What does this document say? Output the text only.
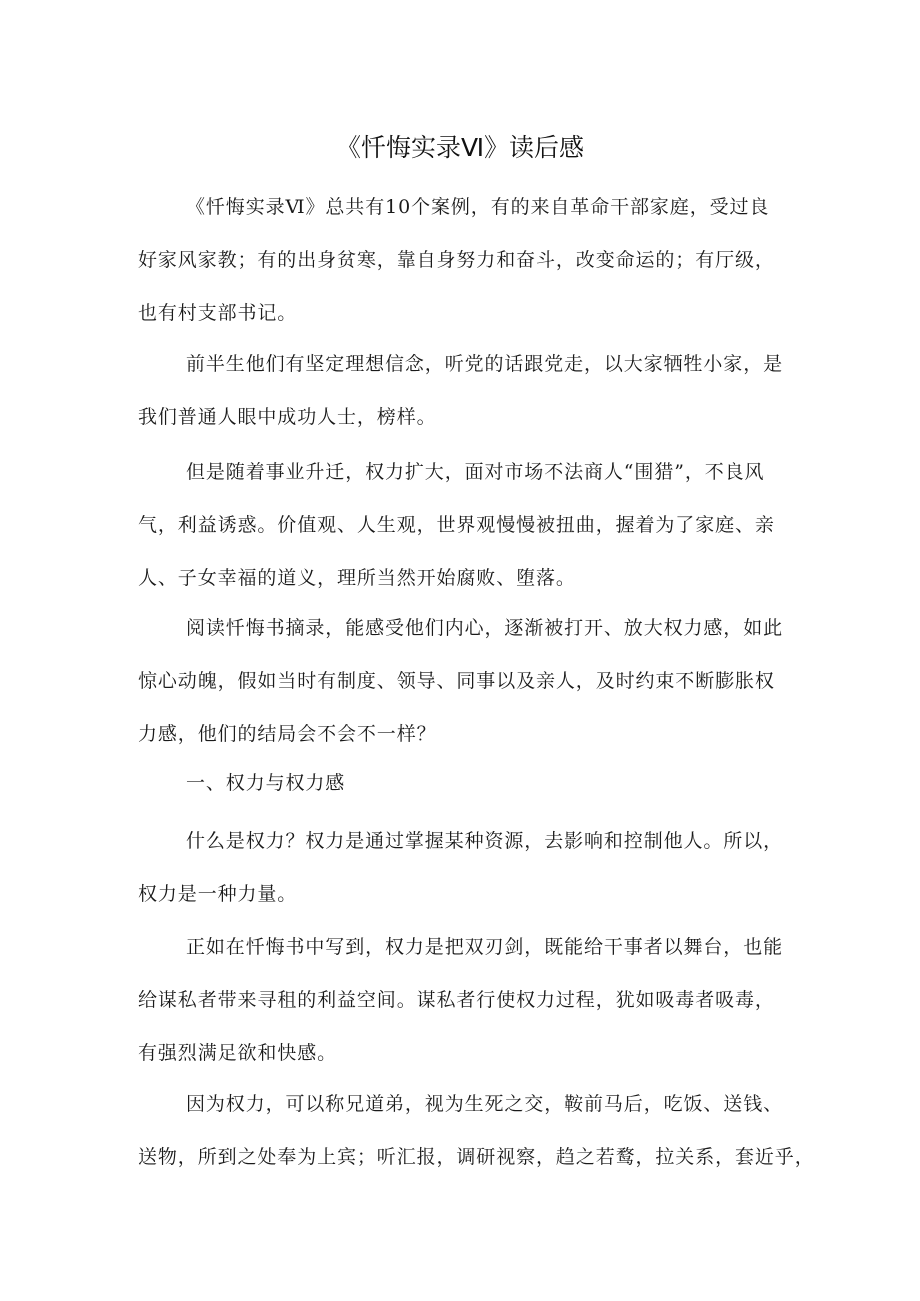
《忏悔实录Ⅵ》读后感

《忏悔实录Ⅵ》总共有10个案例，有的来自革命干部家庭，受过良
好家风家教；有的出身贫寒，靠自身努力和奋斗，改变命运的；有厅级，
也有村支部书记。

前半生他们有坚定理想信念，听党的话跟党走，以大家牺牲小家，是
我们普通人眼中成功人士，榜样。

但是随着事业升迁，权力扩大，面对市场不法商人“围猎”，不良风
气，利益诱惑。价值观、人生观，世界观慢慢被扭曲，握着为了家庭、亲
人、子女幸福的道义，理所当然开始腐败、堕落。

阅读忏悔书摘录，能感受他们内心，逐渐被打开、放大权力感，如此
惊心动魄，假如当时有制度、领导、同事以及亲人，及时约束不断膨胀权
力感，他们的结局会不会不一样？

一、权力与权力感

什么是权力？权力是通过掌握某种资源，去影响和控制他人。所以，
权力是一种力量。

正如在忏悔书中写到，权力是把双刃剑，既能给干事者以舞台，也能
给谋私者带来寻租的利益空间。谋私者行使权力过程，犹如吸毒者吸毒，
有强烈满足欲和快感。

因为权力，可以称兄道弟，视为生死之交，鞍前马后，吃饭、送钱、
送物，所到之处奉为上宾；听汇报，调研视察，趋之若鹜，拉关系，套近乎，
